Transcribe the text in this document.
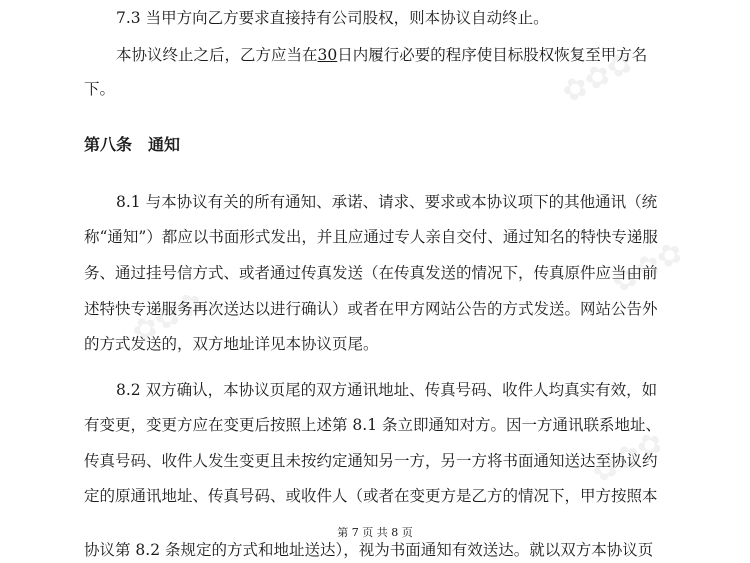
✿✿✿
✿✿✿
✿✿✿
✿✿✿
7.3 当甲方向乙方要求直接持有公司股权，则本协议自动终止。
本协议终止之后，乙方应当在30日内履行必要的程序使目标股权恢复至甲方名
下。
第八条　通知
8.1 与本协议有关的所有通知、承诺、请求、要求或本协议项下的其他通讯（统
称“通知”）都应以书面形式发出，并且应通过专人亲自交付、通过知名的特快专递服
务、通过挂号信方式、或者通过传真发送（在传真发送的情况下，传真原件应当由前
述特快专递服务再次送达以进行确认）或者在甲方网站公告的方式发送。网站公告外
的方式发送的，双方地址详见本协议页尾。
8.2 双方确认，本协议页尾的双方通讯地址、传真号码、收件人均真实有效，如
有变更，变更方应在变更后按照上述第 8.1 条立即通知对方。因一方通讯联系地址、
传真号码、收件人发生变更且未按约定通知另一方，另一方将书面通知送达至协议约
定的原通讯地址、传真号码、或收件人（或者在变更方是乙方的情况下，甲方按照本
第 7 页 共 8 页
协议第 8.2 条规定的方式和地址送达），视为书面通知有效送达。就以双方本协议页
